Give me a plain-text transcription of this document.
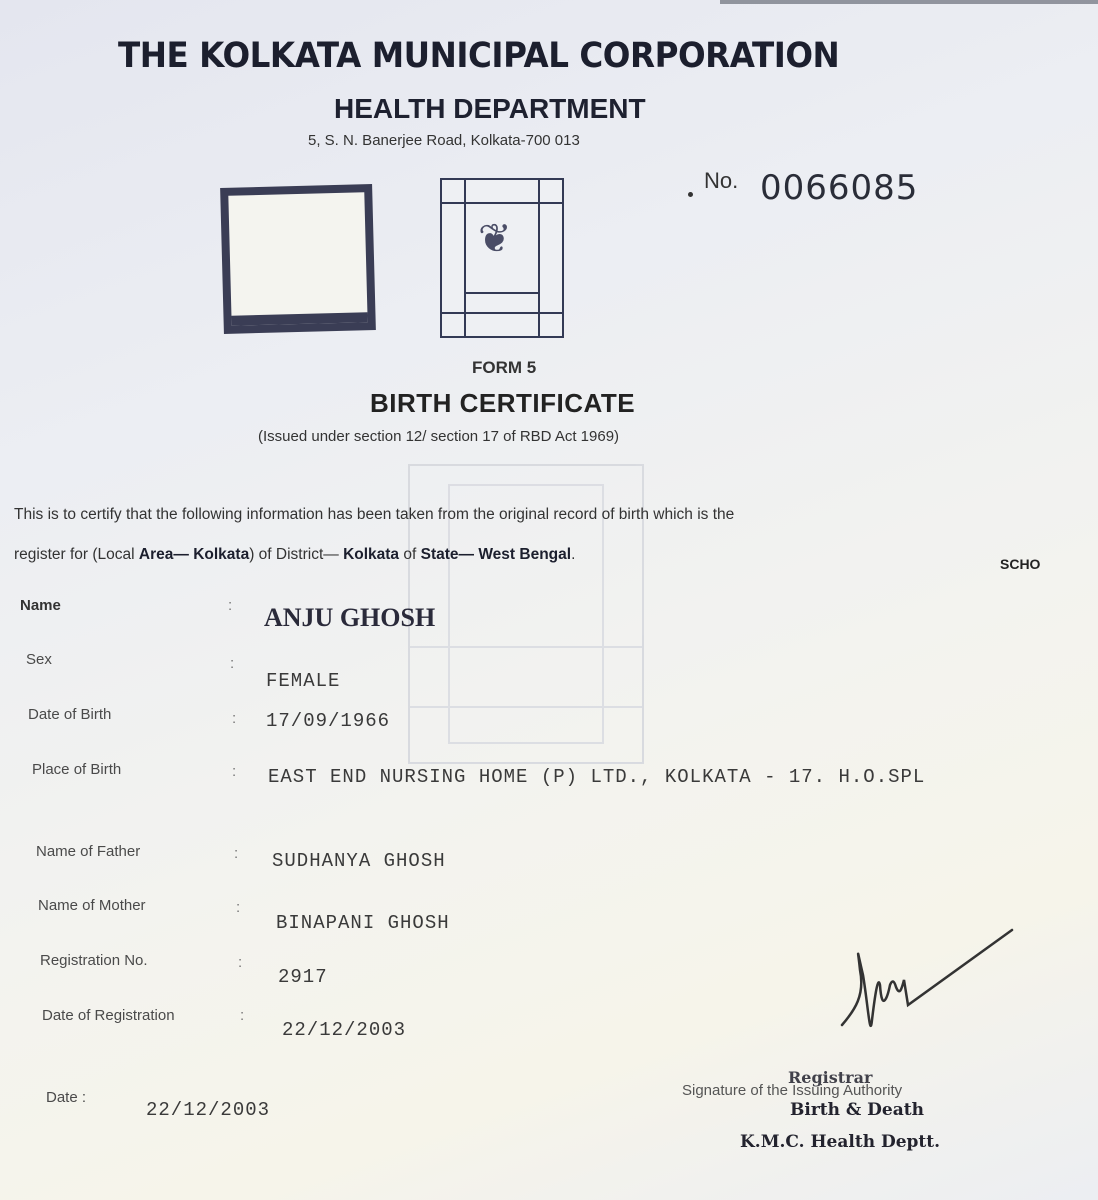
THE KOLKATA MUNICIPAL CORPORATION
HEALTH DEPARTMENT
5, S. N. Banerjee Road, Kolkata-700 013
No. 0066085
❦
FORM 5
BIRTH CERTIFICATE
(Issued under section 12/ section 17 of RBD Act 1969)
This is to certify that the following information has been taken from the original record of birth which is the
register for (Local Area— Kolkata) of District— Kolkata of State— West Bengal.
SCHO
Name	: ANJU GHOSH
Sex	:
FEMALE
Date of Birth	: 17/09/1966
Place of Birth	: EAST END NURSING HOME (P) LTD., KOLKATA - 17. H.O.SPL
Name of Father	: SUDHANYA GHOSH
Name of Mother	:
BINAPANI GHOSH
Registration No.	:
2917
Date of Registration	:
22/12/2003
Date :
22/12/2003
Signature of the Issuing Authority
Registrar
Birth & Death
K.M.C. Health Deptt.
